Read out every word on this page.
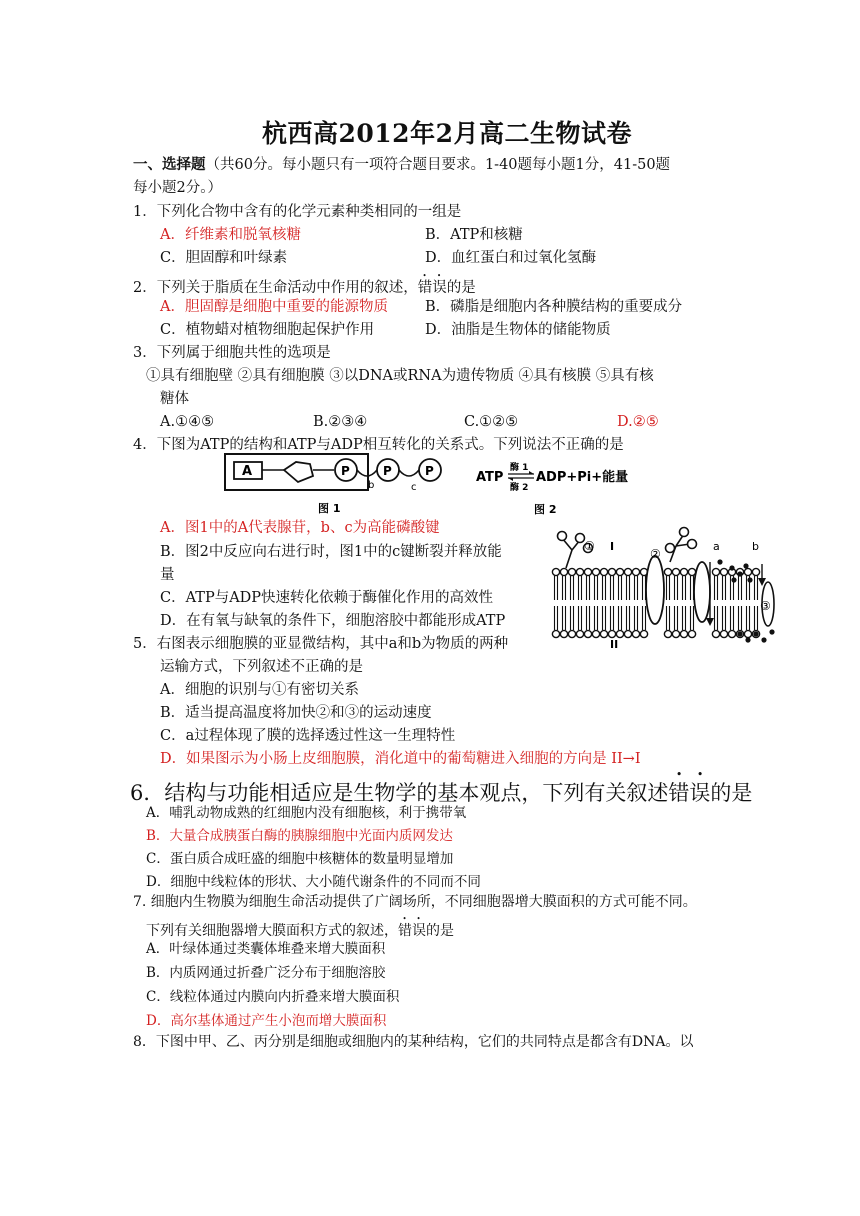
杭西高2012年2月高二生物试卷
一、选择题（共60分。每小题只有一项符合题目要求。1-40题每小题1分，41-50题
每小题2分。）
1．下列化合物中含有的化学元素种类相同的一组是
A．纤维素和脱氧核糖	B．ATP和核糖
C．胆固醇和叶绿素	D．血红蛋白和过氧化氢酶
2．下列关于脂质在生命活动中作用的叙述，错误的是
A．胆固醇是细胞中重要的能源物质	B．磷脂是细胞内各种膜结构的重要成分
C．植物蜡对植物细胞起保护作用	D．油脂是生物体的储能物质
3．下列属于细胞共性的选项是
①具有细胞壁 ②具有细胞膜 ③以DNA或RNA为遗传物质 ④具有核膜 ⑤具有核
糖体
A.①④⑤	B.②③④	C.①②⑤	D.②⑤
4．下图为ATP的结构和ATP与ADP相互转化的关系式。下列说法不正确的是
A	P	P	P
b	c
图 1
ATP
酶 1
酶 2
ADP+Pi+能量
图 2
A．图1中的A代表腺苷，b、c为高能磷酸键
B．图2中反应向右进行时，图1中的c键断裂并释放能
量
C．ATP与ADP快速转化依赖于酶催化作用的高效性
D．在有氧与缺氧的条件下，细胞溶胶中都能形成ATP
①
②
③
I
II
a	b
5．右图表示细胞膜的亚显微结构，其中a和b为物质的两种
运输方式，下列叙述不正确的是
A．细胞的识别与①有密切关系
B．适当提高温度将加快②和③的运动速度
C．a过程体现了膜的选择透过性这一生理特性
D．如果图示为小肠上皮细胞膜，消化道中的葡萄糖进入细胞的方向是 II→I
6．结构与功能相适应是生物学的基本观点，下列有关叙述错误的是
A．哺乳动物成熟的红细胞内没有细胞核，利于携带氧
B．大量合成胰蛋白酶的胰腺细胞中光面内质网发达
C．蛋白质合成旺盛的细胞中核糖体的数量明显增加
D．细胞中线粒体的形状、大小随代谢条件的不同而不同
7. 细胞内生物膜为细胞生命活动提供了广阔场所，不同细胞器增大膜面积的方式可能不同。
下列有关细胞器增大膜面积方式的叙述，错误的是
A．叶绿体通过类囊体堆叠来增大膜面积
B．内质网通过折叠广泛分布于细胞溶胶
C．线粒体通过内膜向内折叠来增大膜面积
D．高尔基体通过产生小泡而增大膜面积
8．下图中甲、乙、丙分别是细胞或细胞内的某种结构，它们的共同特点是都含有DNA。以
